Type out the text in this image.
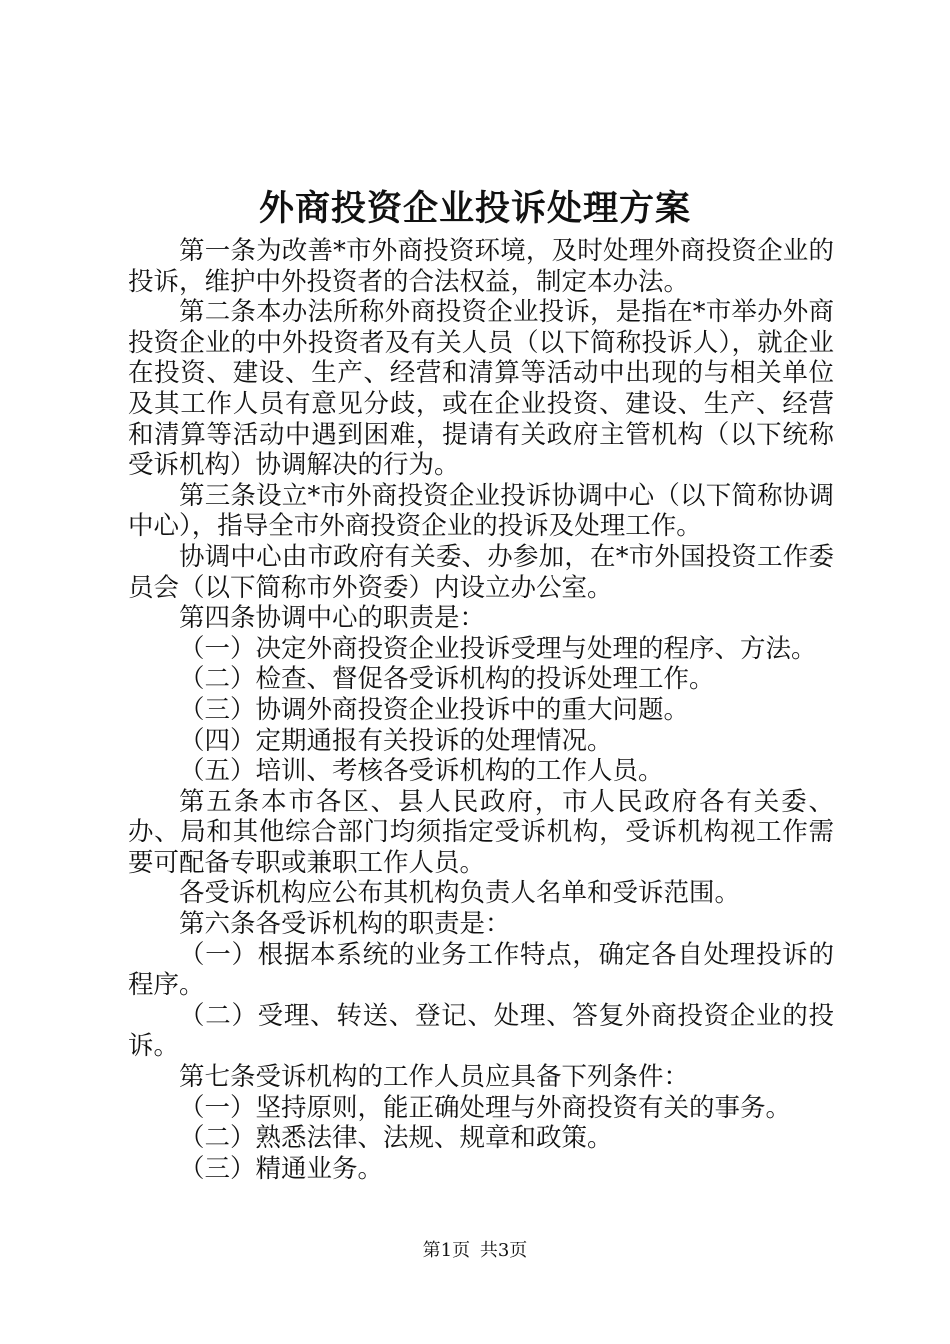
外商投资企业投诉处理方案

第一条为改善*市外商投资环境，及时处理外商投资企业的投诉，维护中外投资者的合法权益，制定本办法。

第二条本办法所称外商投资企业投诉，是指在*市举办外商投资企业的中外投资者及有关人员（以下简称投诉人），就企业在投资、建设、生产、经营和清算等活动中出现的与相关单位及其工作人员有意见分歧，或在企业投资、建设、生产、经营和清算等活动中遇到困难，提请有关政府主管机构（以下统称受诉机构）协调解决的行为。

第三条设立*市外商投资企业投诉协调中心（以下简称协调中心），指导全市外商投资企业的投诉及处理工作。

协调中心由市政府有关委、办参加，在*市外国投资工作委员会（以下简称市外资委）内设立办公室。

第四条协调中心的职责是：

（一）决定外商投资企业投诉受理与处理的程序、方法。

（二）检查、督促各受诉机构的投诉处理工作。

（三）协调外商投资企业投诉中的重大问题。

（四）定期通报有关投诉的处理情况。

（五）培训、考核各受诉机构的工作人员。

第五条本市各区、县人民政府，市人民政府各有关委、办、局和其他综合部门均须指定受诉机构，受诉机构视工作需要可配备专职或兼职工作人员。

各受诉机构应公布其机构负责人名单和受诉范围。

第六条各受诉机构的职责是：

（一）根据本系统的业务工作特点，确定各自处理投诉的程序。

（二）受理、转送、登记、处理、答复外商投资企业的投诉。

第七条受诉机构的工作人员应具备下列条件：

（一）坚持原则，能正确处理与外商投资有关的事务。

（二）熟悉法律、法规、规章和政策。

（三）精通业务。

第1页 共3页
